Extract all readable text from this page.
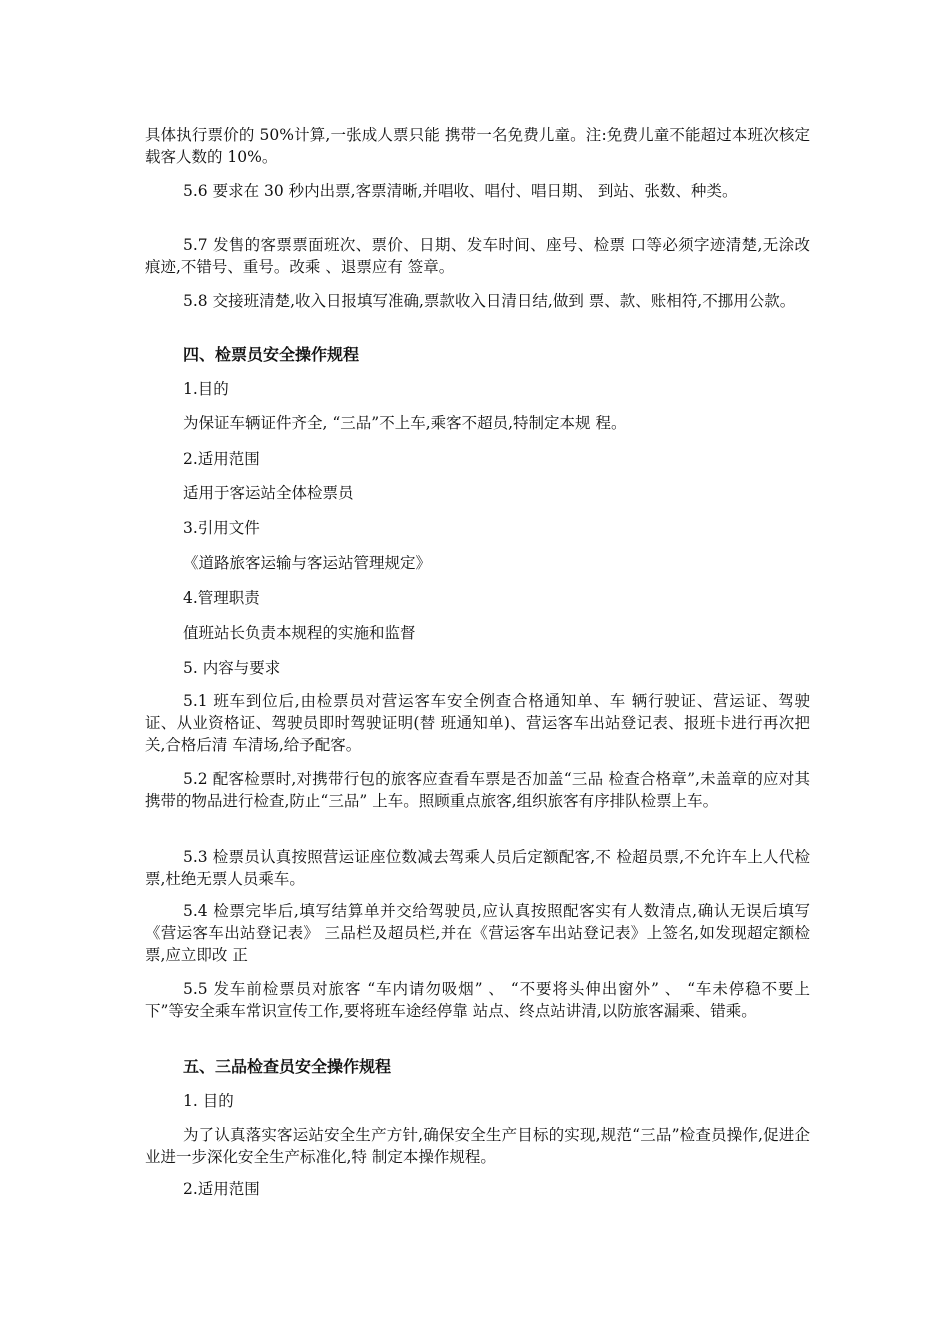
具体执行票价的 50%计算,一张成人票只能 携带一名免费儿童。注:免费儿童不能超过本班次核定载客人数的 10%。

5.6 要求在 30 秒内出票,客票清晰,并唱收、唱付、唱日期、 到站、张数、种类。

5.7 发售的客票票面班次、票价、日期、发车时间、座号、检票 口等必须字迹清楚,无涂改痕迹,不错号、重号。改乘 、退票应有 签章。

5.8 交接班清楚,收入日报填写准确,票款收入日清日结,做到 票、款、账相符,不挪用公款。

四、检票员安全操作规程

1.目的

为保证车辆证件齐全, “三品”不上车,乘客不超员,特制定本规 程。

2.适用范围

适用于客运站全体检票员

3.引用文件

《道路旅客运输与客运站管理规定》

4.管理职责

值班站长负责本规程的实施和监督

5. 内容与要求

5.1 班车到位后,由检票员对营运客车安全例查合格通知单、车 辆行驶证、营运证、驾驶证、从业资格证、驾驶员即时驾驶证明(替 班通知单)、营运客车出站登记表、报班卡进行再次把关,合格后清 车清场,给予配客。

5.2 配客检票时,对携带行包的旅客应查看车票是否加盖“三品 检查合格章”,未盖章的应对其携带的物品进行检查,防止“三品” 上车。照顾重点旅客,组织旅客有序排队检票上车。

5.3 检票员认真按照营运证座位数减去驾乘人员后定额配客,不 检超员票,不允许车上人代检票,杜绝无票人员乘车。

5.4 检票完毕后,填写结算单并交给驾驶员,应认真按照配客实有人数清点,确认无误后填写《营运客车出站登记表》 三品栏及超员栏,并在《营运客车出站登记表》上签名,如发现超定额检票,应立即改 正

5.5 发车前检票员对旅客 “车内请勿吸烟” 、 “不要将头伸出窗外” 、 “车未停稳不要上下”等安全乘车常识宣传工作,要将班车途经停靠 站点、终点站讲清,以防旅客漏乘、错乘。

五、三品检查员安全操作规程

1. 目的

为了认真落实客运站安全生产方针,确保安全生产目标的实现,规范“三品”检查员操作,促进企业进一步深化安全生产标准化,特 制定本操作规程。

2.适用范围
